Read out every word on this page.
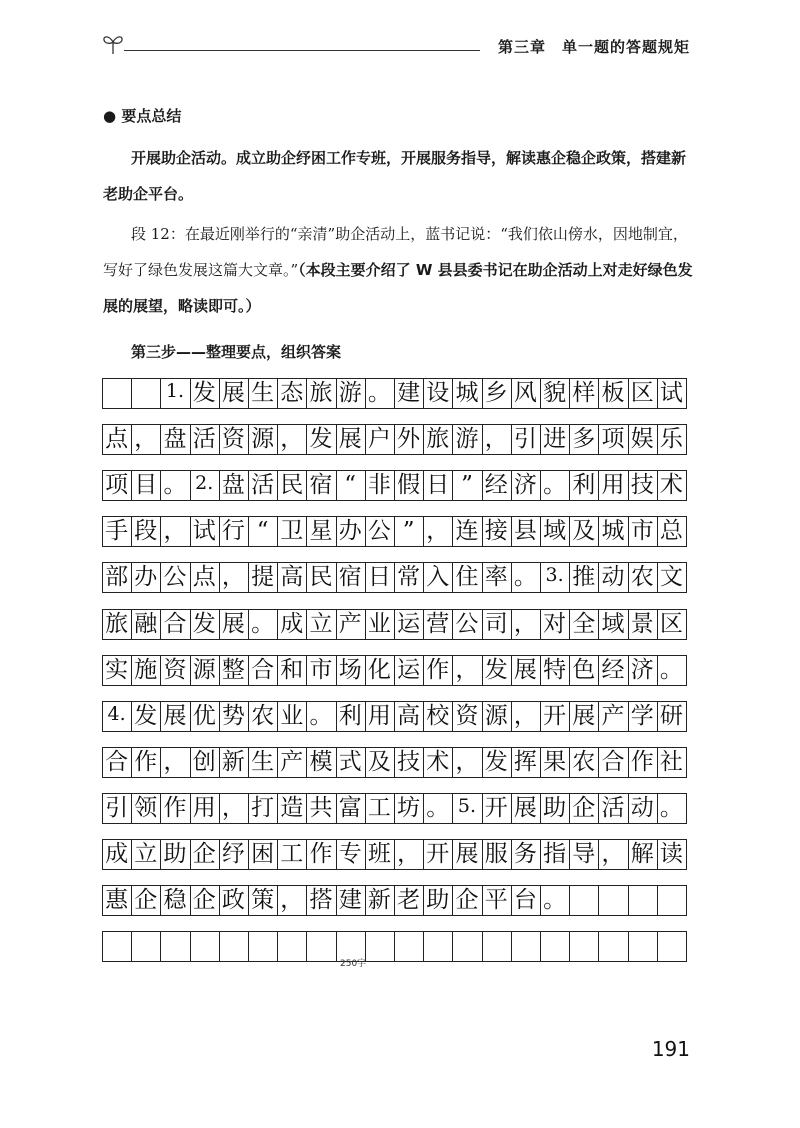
第三章 单一题的答题规矩
● 要点总结
开展助企活动。成立助企纾困工作专班，开展服务指导，解读惠企稳企政策，搭建新老助企平台。
段 12：在最近刚举行的“亲清”助企活动上，蓝书记说：“我们依山傍水，因地制宜，写好了绿色发展这篇大文章。”（本段主要介绍了 W 县县委书记在助企活动上对走好绿色发展的展望，略读即可。）
第三步——整理要点，组织答案
1. 发 展 生 态 旅 游 。 建 设 城 乡 风 貌 样 板 区 试
点 ， 盘 活 资 源 ， 发 展 户 外 旅 游 ， 引 进 多 项 娱 乐
项 目 。 2. 盘 活 民 宿 “ 非 假 日 ” 经 济 。 利 用 技 术
手 段 ， 试 行 “ 卫 星 办 公 ” ， 连 接 县 域 及 城 市 总
部 办 公 点 ， 提 高 民 宿 日 常 入 住 率 。 3. 推 动 农 文
旅 融 合 发 展 。 成 立 产 业 运 营 公 司 ， 对 全 域 景 区
实 施 资 源 整 合 和 市 场 化 运 作 ， 发 展 特 色 经 济 。
4. 发 展 优 势 农 业 。 利 用 高 校 资 源 ， 开 展 产 学 研
合 作 ， 创 新 生 产 模 式 及 技 术 ， 发 挥 果 农 合 作 社
引 领 作 用 ， 打 造 共 富 工 坊 。 5. 开 展 助 企 活 动 。
成 立 助 企 纾 困 工 作 专 班 ， 开 展 服 务 指 导 ， 解 读
惠 企 稳 企 政 策 ， 搭 建 新 老 助 企 平 台 。
250字
191
